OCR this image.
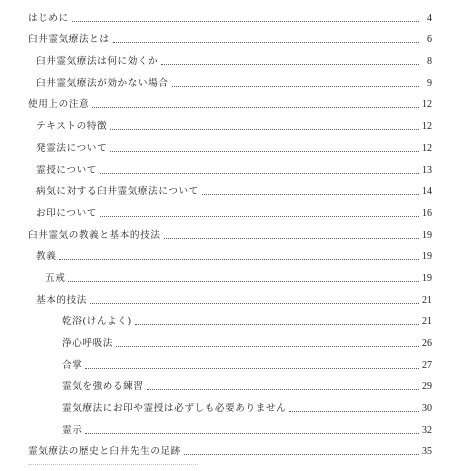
はじめに	4
臼井霊気療法とは	6
臼井霊気療法は何に効くか	8
臼井霊気療法が効かない場合	9
使用上の注意	12
テキストの特徴	12
発霊法について	12
霊授について	13
病気に対する臼井霊気療法について	14
お印について	16
臼井霊気の教義と基本的技法	19
教義	19
五戒	19
基本的技法	21
乾浴(けんよく)	21
浄心呼吸法	26
合掌	27
霊気を強める練習	29
霊気療法にお印や霊授は必ずしも必要ありません	30
霊示	32
霊気療法の歴史と臼井先生の足跡	35
